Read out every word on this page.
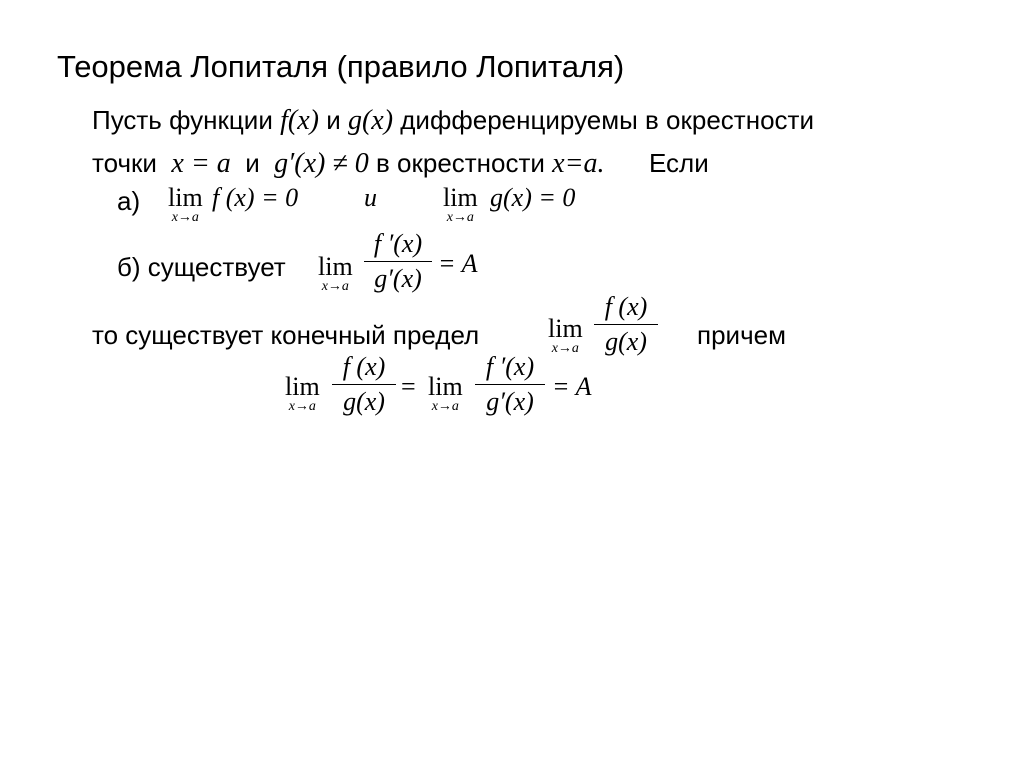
Теорема Лопиталя (правило Лопиталя)
Пусть функции f(x) и g(x) дифференцируемы в окрестности
точки x = a и g′(x) ≠ 0 в окрестности x=a. Если
а) lim
x→a
f (x) = 0	и	lim
x→a
g(x) = 0
б) существует lim
x→a
f ′(x)
g′(x)
= A
то существует конечный предел	lim
x→a
f (x)
g(x)	причем
lim
x→a
f (x)
g(x)
= lim
x→a
f ′(x)
g′(x)
= A
